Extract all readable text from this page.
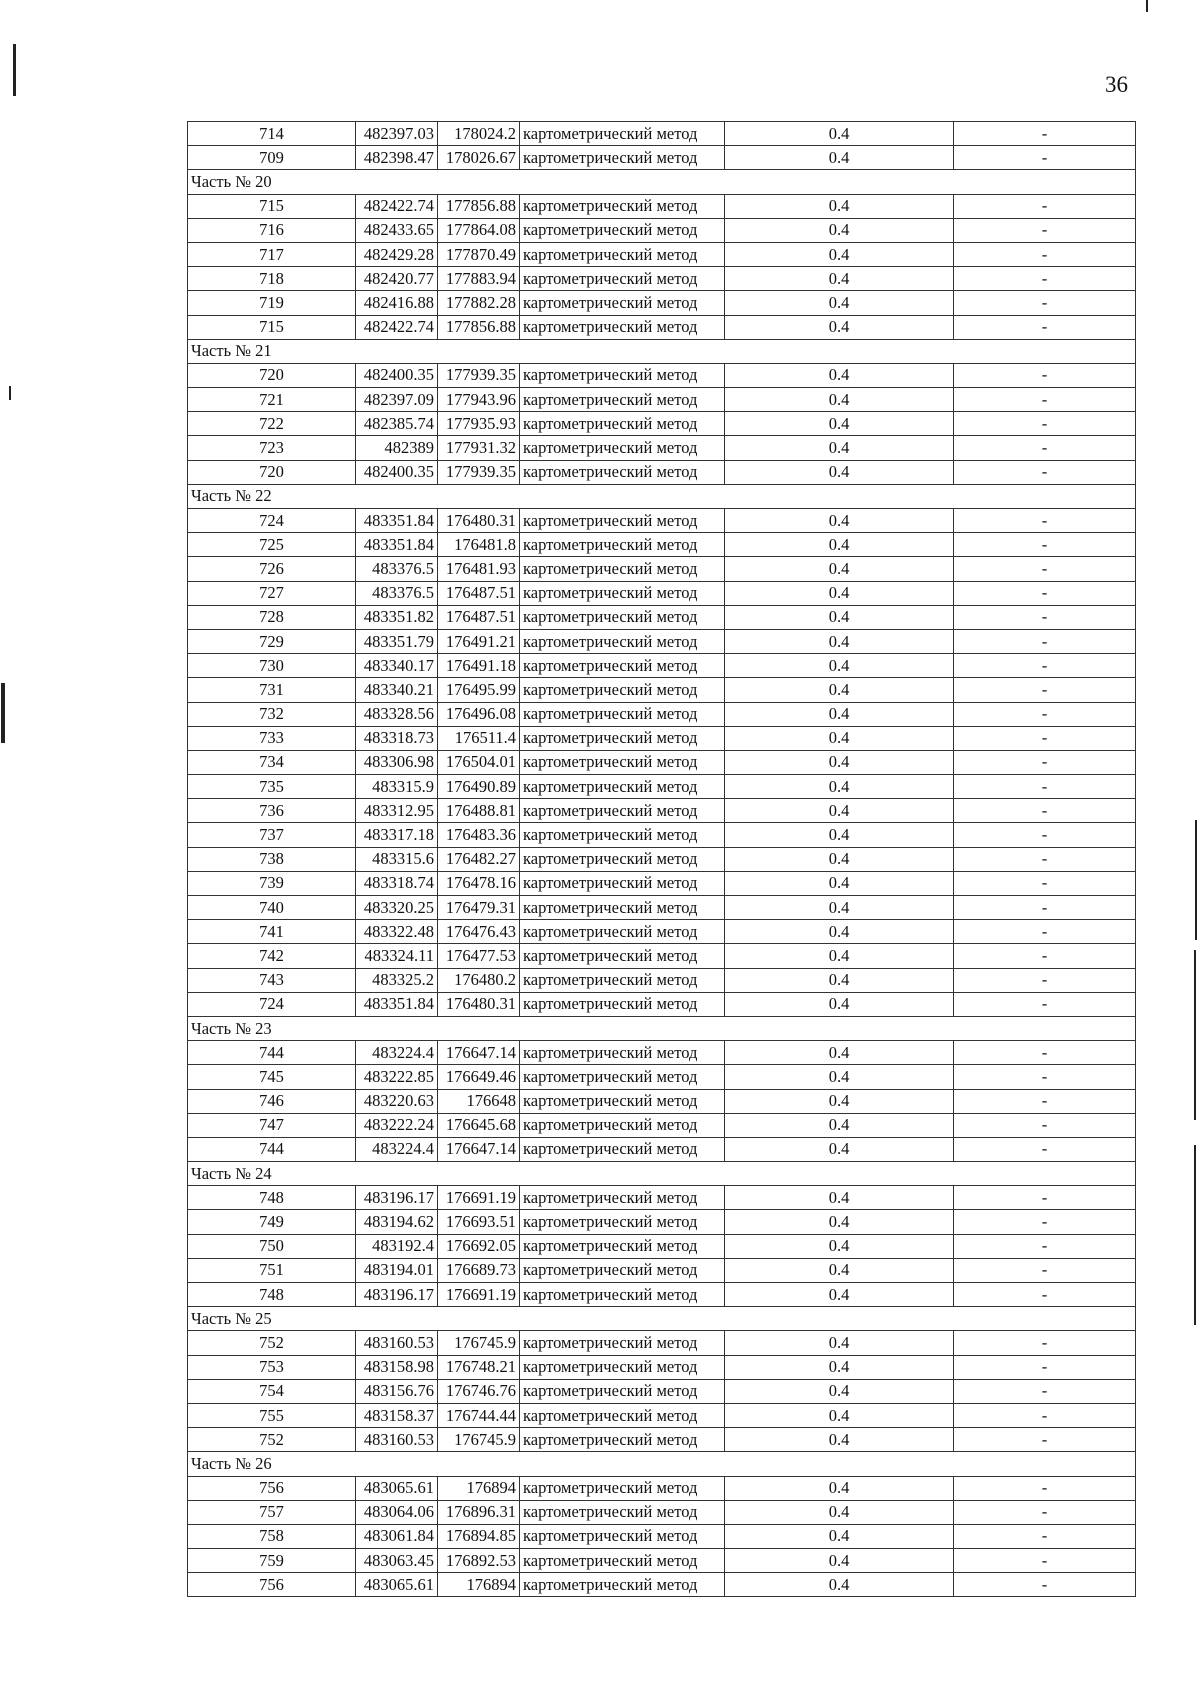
36
714	482397.03	178024.2	картометрический метод	0.4	-
709	482398.47	178026.67	картометрический метод	0.4	-
Часть № 20					
715	482422.74	177856.88	картометрический метод	0.4	-
716	482433.65	177864.08	картометрический метод	0.4	-
717	482429.28	177870.49	картометрический метод	0.4	-
718	482420.77	177883.94	картометрический метод	0.4	-
719	482416.88	177882.28	картометрический метод	0.4	-
715	482422.74	177856.88	картометрический метод	0.4	-
Часть № 21					
720	482400.35	177939.35	картометрический метод	0.4	-
721	482397.09	177943.96	картометрический метод	0.4	-
722	482385.74	177935.93	картометрический метод	0.4	-
723	482389	177931.32	картометрический метод	0.4	-
720	482400.35	177939.35	картометрический метод	0.4	-
Часть № 22					
724	483351.84	176480.31	картометрический метод	0.4	-
725	483351.84	176481.8	картометрический метод	0.4	-
726	483376.5	176481.93	картометрический метод	0.4	-
727	483376.5	176487.51	картометрический метод	0.4	-
728	483351.82	176487.51	картометрический метод	0.4	-
729	483351.79	176491.21	картометрический метод	0.4	-
730	483340.17	176491.18	картометрический метод	0.4	-
731	483340.21	176495.99	картометрический метод	0.4	-
732	483328.56	176496.08	картометрический метод	0.4	-
733	483318.73	176511.4	картометрический метод	0.4	-
734	483306.98	176504.01	картометрический метод	0.4	-
735	483315.9	176490.89	картометрический метод	0.4	-
736	483312.95	176488.81	картометрический метод	0.4	-
737	483317.18	176483.36	картометрический метод	0.4	-
738	483315.6	176482.27	картометрический метод	0.4	-
739	483318.74	176478.16	картометрический метод	0.4	-
740	483320.25	176479.31	картометрический метод	0.4	-
741	483322.48	176476.43	картометрический метод	0.4	-
742	483324.11	176477.53	картометрический метод	0.4	-
743	483325.2	176480.2	картометрический метод	0.4	-
724	483351.84	176480.31	картометрический метод	0.4	-
Часть № 23					
744	483224.4	176647.14	картометрический метод	0.4	-
745	483222.85	176649.46	картометрический метод	0.4	-
746	483220.63	176648	картометрический метод	0.4	-
747	483222.24	176645.68	картометрический метод	0.4	-
744	483224.4	176647.14	картометрический метод	0.4	-
Часть № 24					
748	483196.17	176691.19	картометрический метод	0.4	-
749	483194.62	176693.51	картометрический метод	0.4	-
750	483192.4	176692.05	картометрический метод	0.4	-
751	483194.01	176689.73	картометрический метод	0.4	-
748	483196.17	176691.19	картометрический метод	0.4	-
Часть № 25					
752	483160.53	176745.9	картометрический метод	0.4	-
753	483158.98	176748.21	картометрический метод	0.4	-
754	483156.76	176746.76	картометрический метод	0.4	-
755	483158.37	176744.44	картометрический метод	0.4	-
752	483160.53	176745.9	картометрический метод	0.4	-
Часть № 26					
756	483065.61	176894	картометрический метод	0.4	-
757	483064.06	176896.31	картометрический метод	0.4	-
758	483061.84	176894.85	картометрический метод	0.4	-
759	483063.45	176892.53	картометрический метод	0.4	-
756	483065.61	176894	картометрический метод	0.4	-
